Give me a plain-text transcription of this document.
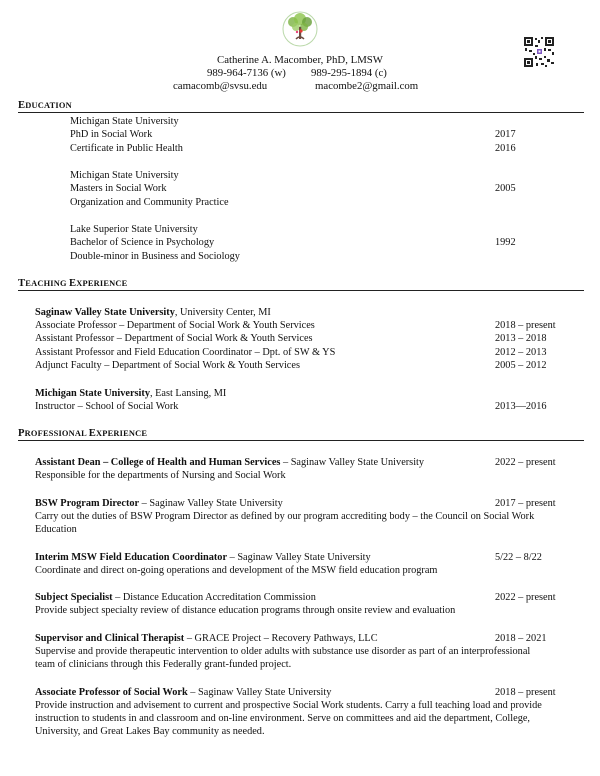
Catherine A. Macomber, PhD, LMSW
989-964-7136 (w) 989-295-1894 (c)
camacomb@svsu.edu	macombe2@gmail.com
EDUCATION
Michigan State University
PhD in Social Work	2017
Certificate in Public Health	2016
Michigan State University
Masters in Social Work	2005
Organization and Community Practice
Lake Superior State University
Bachelor of Science in Psychology	1992
Double-minor in Business and Sociology
TEACHING EXPERIENCE
Saginaw Valley State University, University Center, MI
Associate Professor – Department of Social Work & Youth Services	2018 – present
Assistant Professor – Department of Social Work & Youth Services	2013 – 2018
Assistant Professor and Field Education Coordinator – Dpt. of SW & YS	2012 – 2013
Adjunct Faculty – Department of Social Work & Youth Services	2005 – 2012
Michigan State University, East Lansing, MI
Instructor – School of Social Work	2013—2016
PROFESSIONAL EXPERIENCE
Assistant Dean – College of Health and Human Services – Saginaw Valley State University	2022 – present
Responsible for the departments of Nursing and Social Work
BSW Program Director – Saginaw Valley State University	2017 – present
Carry out the duties of BSW Program Director as defined by our program accrediting body – the Council on Social Work Education
Interim MSW Field Education Coordinator – Saginaw Valley State University	5/22 – 8/22
Coordinate and direct on-going operations and development of the MSW field education program
Subject Specialist – Distance Education Accreditation Commission	2022 – present
Provide subject specialty review of distance education programs through onsite review and evaluation
Supervisor and Clinical Therapist – GRACE Project – Recovery Pathways, LLC	2018 – 2021
Supervise and provide therapeutic intervention to older adults with substance use disorder as part of an interprofessional team of clinicians through this Federally grant-funded project.
Associate Professor of Social Work – Saginaw Valley State University	2018 – present
Provide instruction and advisement to current and prospective Social Work students. Carry a full teaching load and provide instruction to students in and classroom and on-line environment. Serve on committees and aid the department, College, University, and Great Lakes Bay community as needed.
